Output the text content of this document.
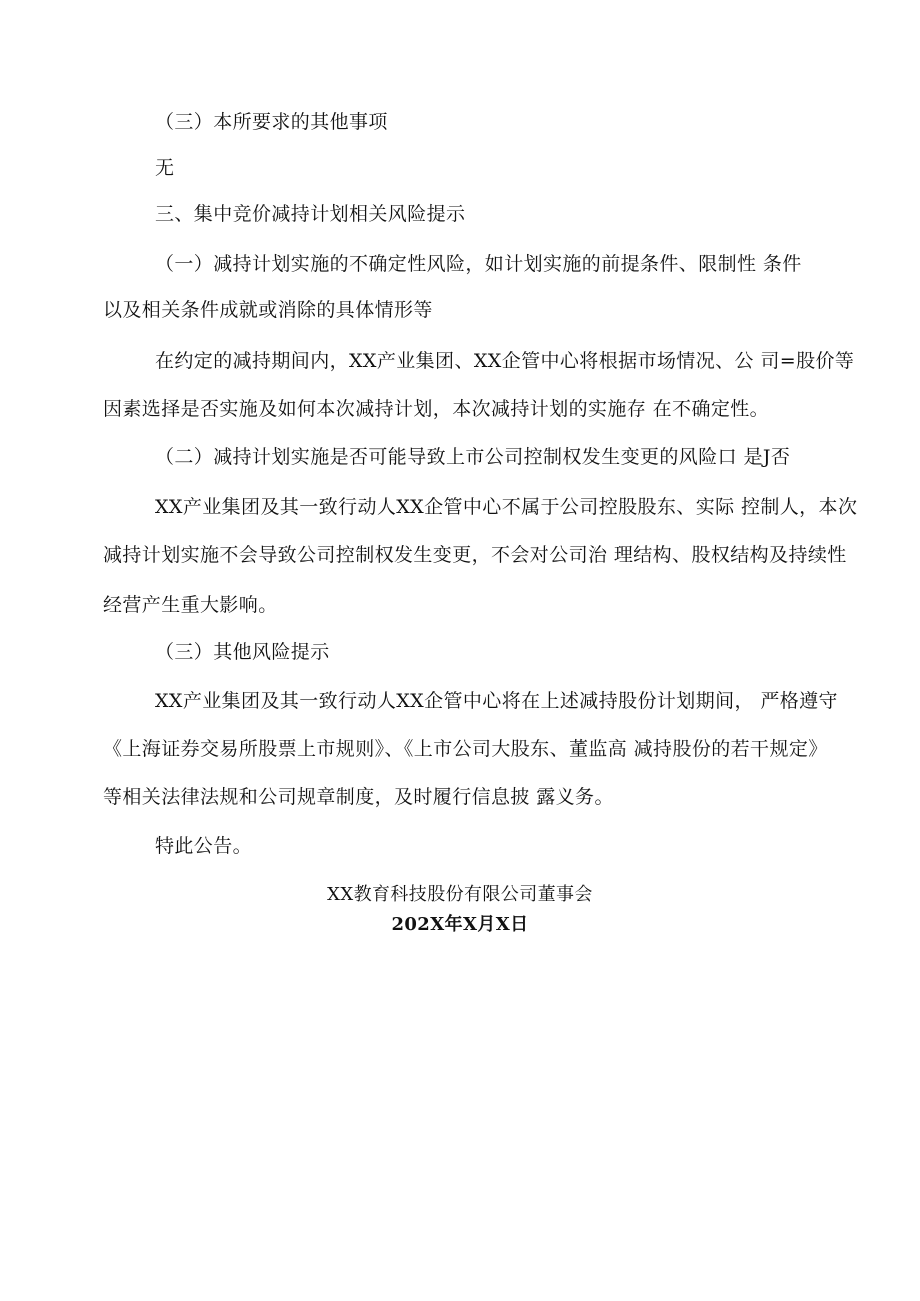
（三）本所要求的其他事项
无
三、集中竞价减持计划相关风险提示
（一）减持计划实施的不确定性风险，如计划实施的前提条件、限制性 条件
以及相关条件成就或消除的具体情形等
在约定的减持期间内，XX产业集团、XX企管中心将根据市场情况、公 司=股价等
因素选择是否实施及如何本次减持计划，本次减持计划的实施存 在不确定性。
（二）减持计划实施是否可能导致上市公司控制权发生变更的风险口 是J否
XX产业集团及其一致行动人XX企管中心不属于公司控股股东、实际 控制人，本次
减持计划实施不会导致公司控制权发生变更，不会对公司治 理结构、股权结构及持续性
经营产生重大影响。
（三）其他风险提示
XX产业集团及其一致行动人XX企管中心将在上述减持股份计划期间， 严格遵守
《上海证券交易所股票上市规则》、《上市公司大股东、董监高 减持股份的若干规定》
等相关法律法规和公司规章制度，及时履行信息披 露义务。
特此公告。
XX教育科技股份有限公司董事会
202X年X月X日
